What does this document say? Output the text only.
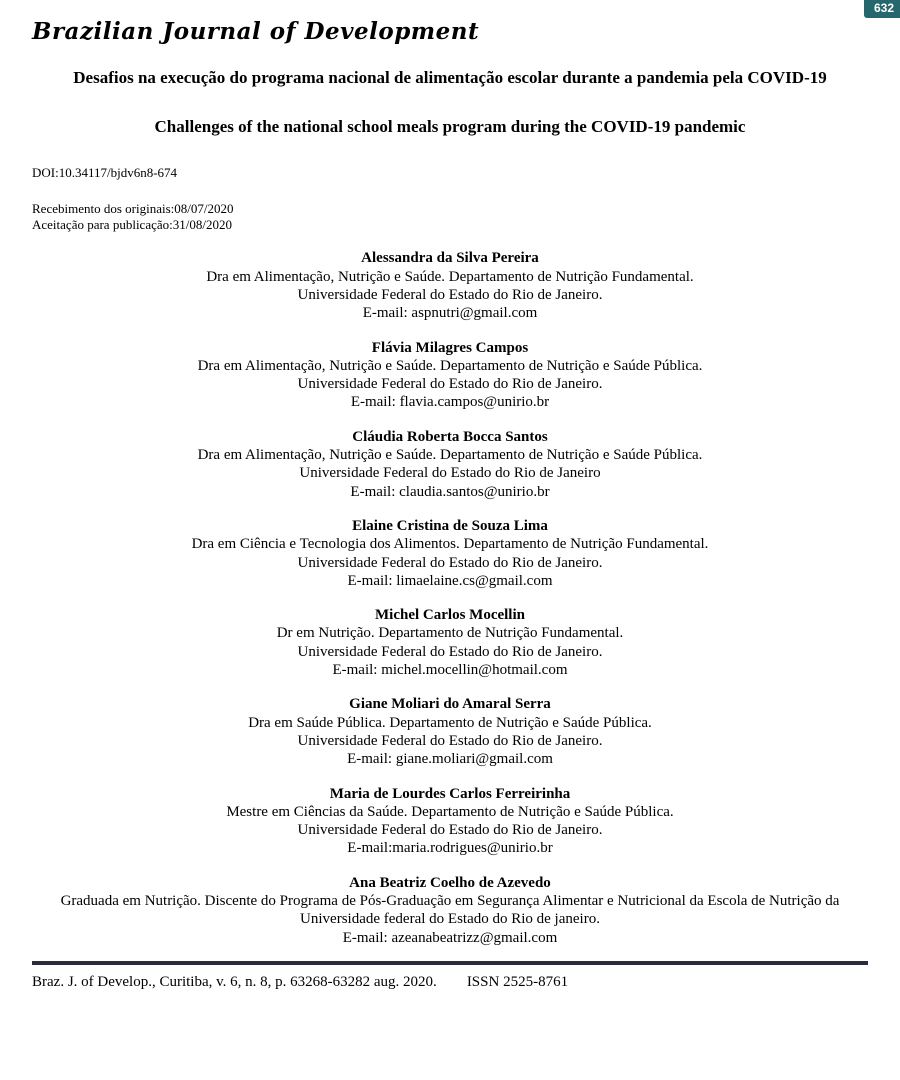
632
Brazilian Journal of Development
Desafios na execução do programa nacional de alimentação escolar durante a pandemia pela COVID-19
Challenges of the national school meals program during the COVID-19 pandemic
DOI:10.34117/bjdv6n8-674
Recebimento dos originais:08/07/2020
Aceitação para publicação:31/08/2020
Alessandra da Silva Pereira
Dra em Alimentação, Nutrição e Saúde. Departamento de Nutrição Fundamental.
Universidade Federal do Estado do Rio de Janeiro.
E-mail: aspnutri@gmail.com
Flávia Milagres Campos
Dra em Alimentação, Nutrição e Saúde. Departamento de Nutrição e Saúde Pública.
Universidade Federal do Estado do Rio de Janeiro.
E-mail: flavia.campos@unirio.br
Cláudia Roberta Bocca Santos
Dra em Alimentação, Nutrição e Saúde. Departamento de Nutrição e Saúde Pública.
Universidade Federal do Estado do Rio de Janeiro
E-mail: claudia.santos@unirio.br
Elaine Cristina de Souza Lima
Dra em Ciência e Tecnologia dos Alimentos. Departamento de Nutrição Fundamental.
Universidade Federal do Estado do Rio de Janeiro.
E-mail: limaelaine.cs@gmail.com
Michel Carlos Mocellin
Dr em Nutrição. Departamento de Nutrição Fundamental.
Universidade Federal do Estado do Rio de Janeiro.
E-mail: michel.mocellin@hotmail.com
Giane Moliari do Amaral Serra
Dra em Saúde Pública. Departamento de Nutrição e Saúde Pública.
Universidade Federal do Estado do Rio de Janeiro.
E-mail: giane.moliari@gmail.com
Maria de Lourdes Carlos Ferreirinha
Mestre em Ciências da Saúde. Departamento de Nutrição e Saúde Pública.
Universidade Federal do Estado do Rio de Janeiro.
E-mail:maria.rodrigues@unirio.br
Ana Beatriz Coelho de Azevedo
Graduada em Nutrição. Discente do Programa de Pós-Graduação em Segurança Alimentar e Nutricional da Escola de Nutrição da Universidade federal do Estado do Rio de janeiro.
E-mail: azeanabeatrizz@gmail.com
Braz. J. of Develop., Curitiba, v. 6, n. 8, p. 63268-63282 aug. 2020. ISSN 2525-8761
